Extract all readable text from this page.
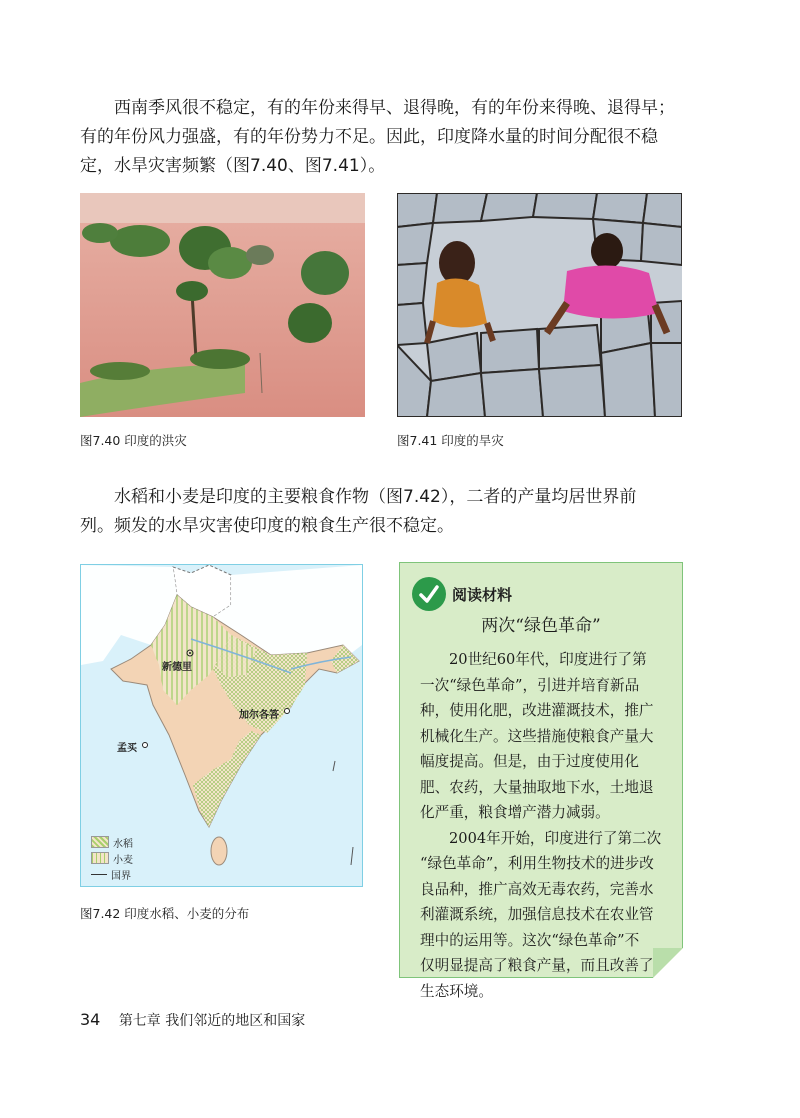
西南季风很不稳定，有的年份来得早、退得晚，有的年份来得晚、退得早；
有的年份风力强盛，有的年份势力不足。因此，印度降水量的时间分配很不稳
定，水旱灾害频繁（图7.40、图7.41）。
图7.40 印度的洪灾	图7.41 印度的旱灾
水稻和小麦是印度的主要粮食作物（图7.42），二者的产量均居世界前
列。频发的水旱灾害使印度的粮食生产很不稳定。
新德里
加尔各答
孟买
水稻
小麦
国界
图7.42 印度水稻、小麦的分布
阅读材料
两次“绿色革命”
20世纪60年代，印度进行了第
一次“绿色革命”，引进并培育新品
种，使用化肥，改进灌溉技术，推广
机械化生产。这些措施使粮食产量大
幅度提高。但是，由于过度使用化
肥、农药，大量抽取地下水，土地退
化严重，粮食增产潜力减弱。
2004年开始，印度进行了第二次
“绿色革命”，利用生物技术的进步改
良品种，推广高效无毒农药，完善水
利灌溉系统，加强信息技术在农业管
理中的运用等。这次“绿色革命”不
仅明显提高了粮食产量，而且改善了
生态环境。
34 第七章 我们邻近的地区和国家
